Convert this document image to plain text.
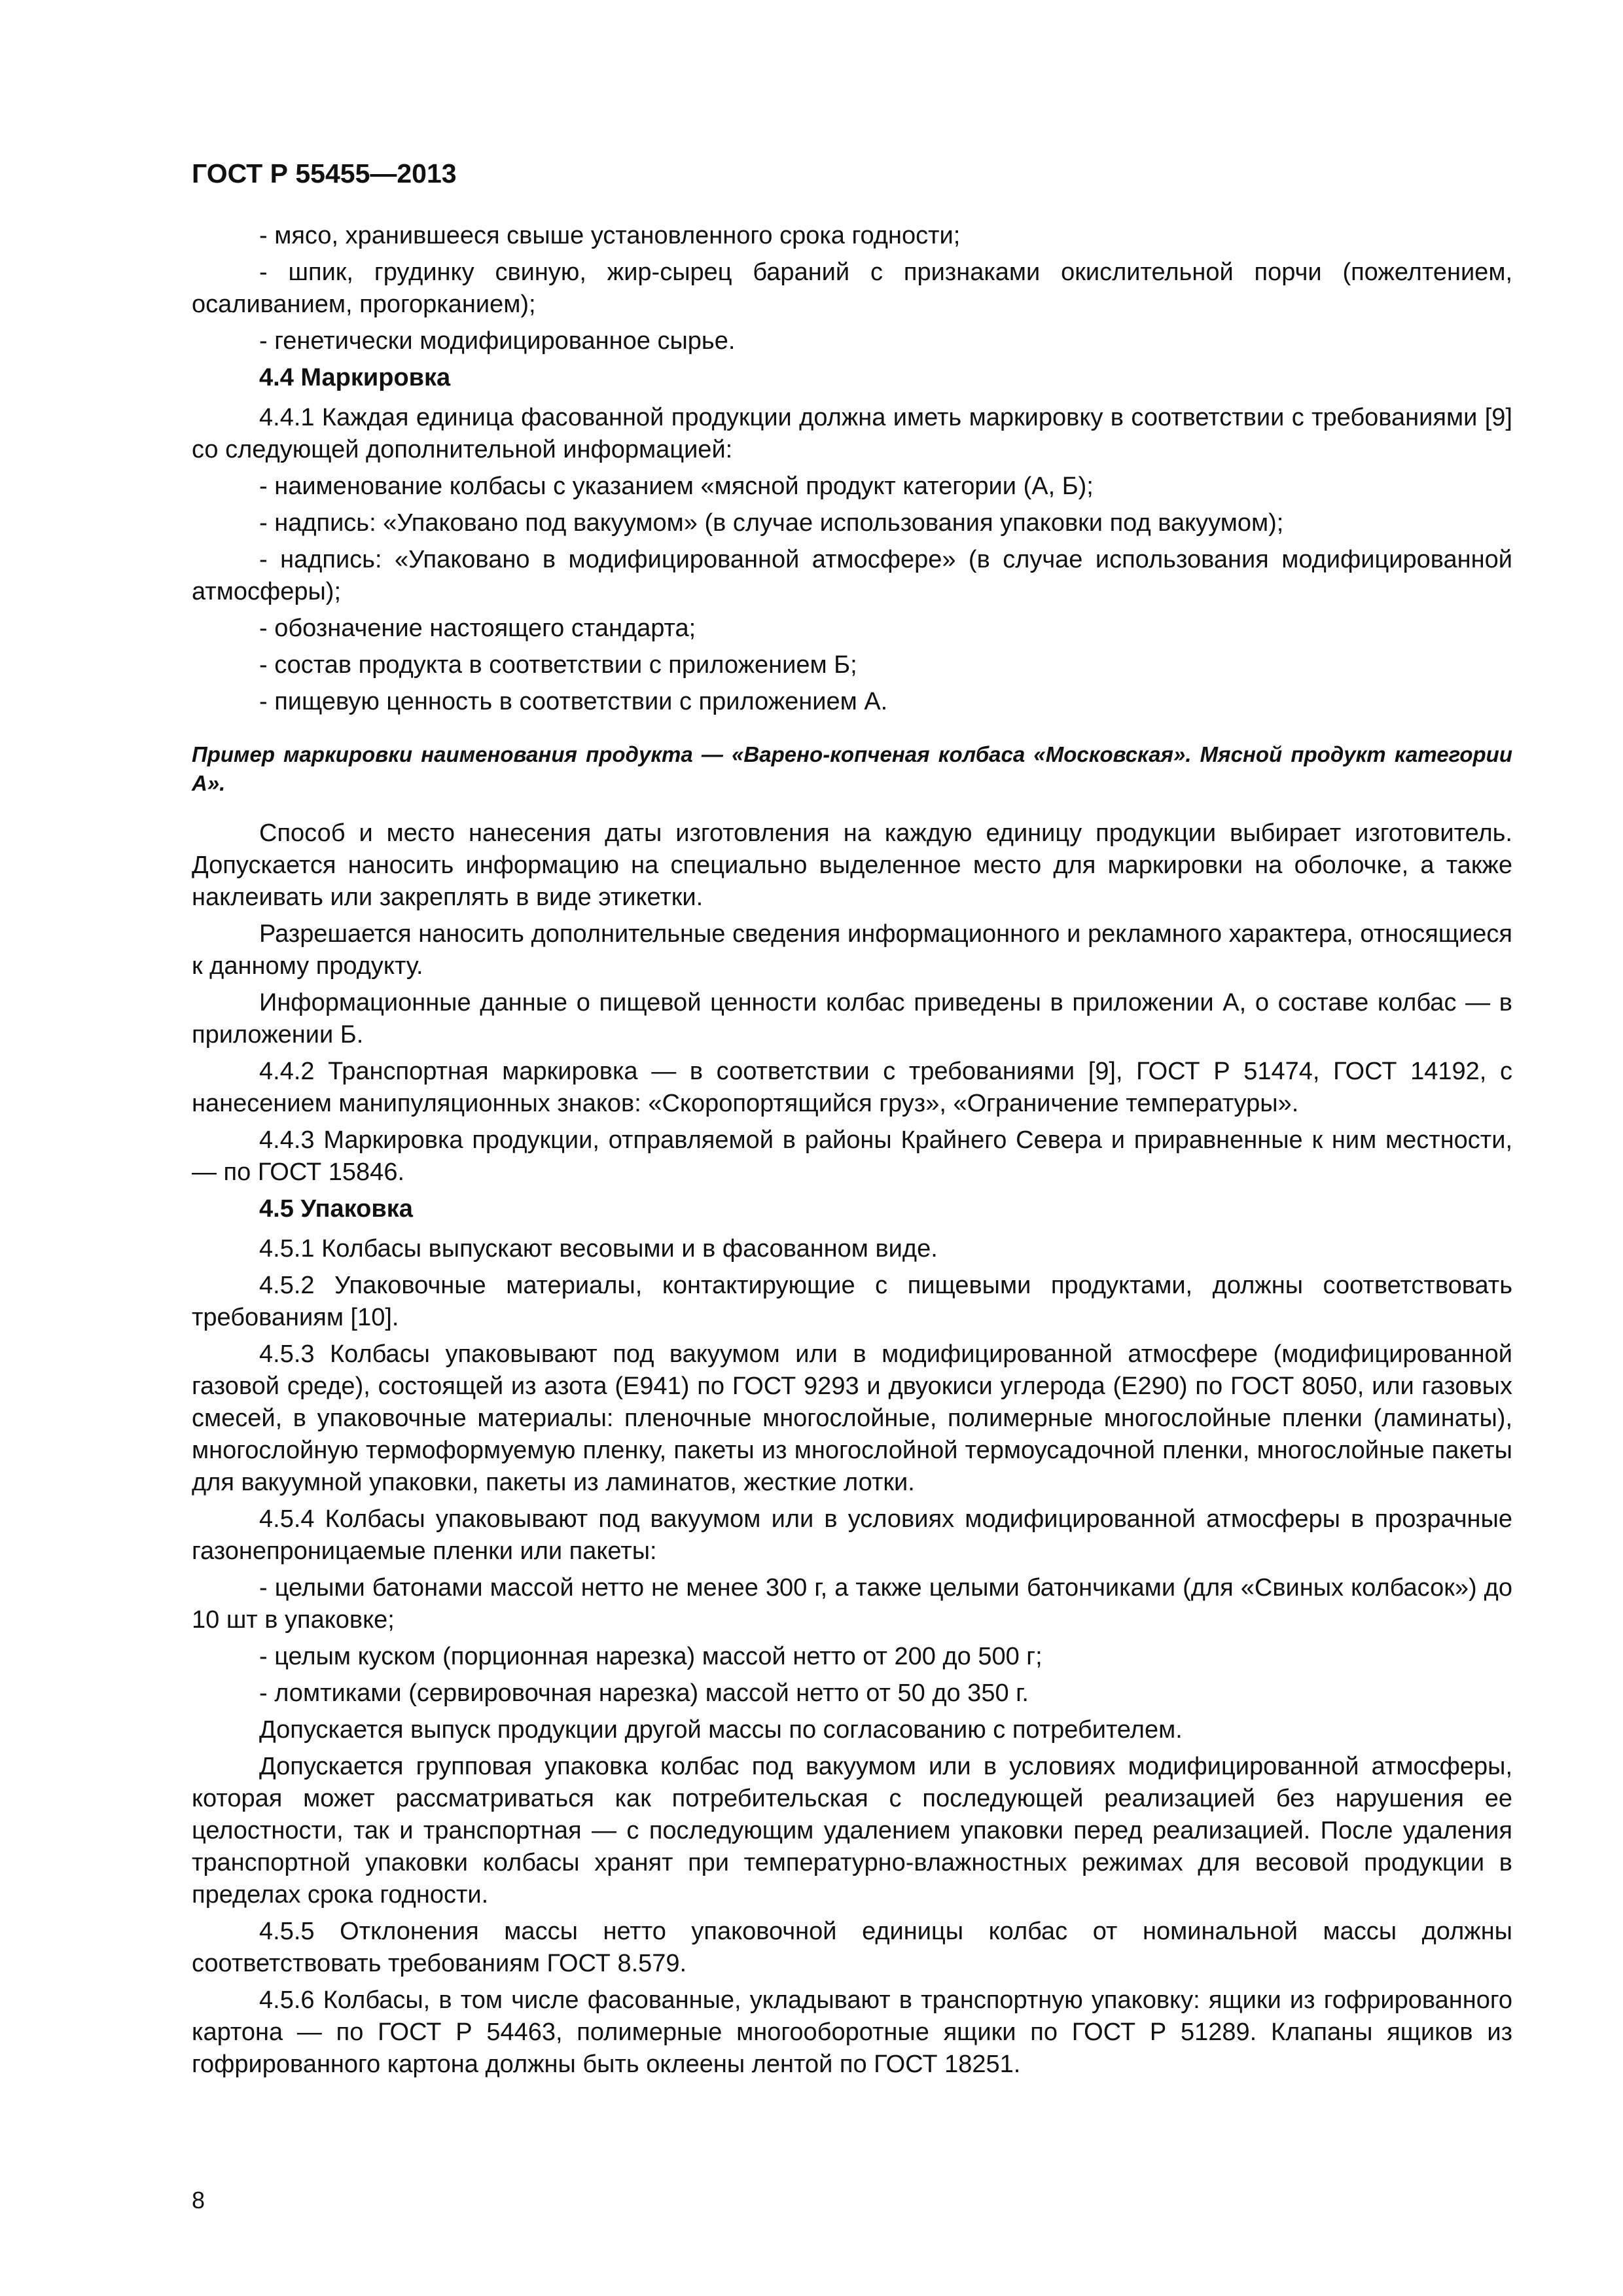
ГОСТ Р 55455—2013
- мясо, хранившееся свыше установленного срока годности;
- шпик, грудинку свиную, жир-сырец бараний с признаками окислительной порчи (пожелтением, осаливанием, прогорканием);
- генетически модифицированное сырье.
4.4 Маркировка
4.4.1 Каждая единица фасованной продукции должна иметь маркировку в соответствии с требованиями [9] со следующей дополнительной информацией:
- наименование колбасы с указанием «мясной продукт категории (А, Б);
- надпись: «Упаковано под вакуумом» (в случае использования упаковки под вакуумом);
- надпись: «Упаковано в модифицированной атмосфере» (в случае использования модифицированной атмосферы);
- обозначение настоящего стандарта;
- состав продукта в соответствии с приложением Б;
- пищевую ценность в соответствии с приложением А.
Пример маркировки наименования продукта — «Варено-копченая колбаса «Московская». Мясной продукт категории А».
Способ и место нанесения даты изготовления на каждую единицу продукции выбирает изготовитель. Допускается наносить информацию на специально выделенное место для маркировки на оболочке, а также наклеивать или закреплять в виде этикетки.
Разрешается наносить дополнительные сведения информационного и рекламного характера, относящиеся к данному продукту.
Информационные данные о пищевой ценности колбас приведены в приложении А, о составе колбас — в приложении Б.
4.4.2 Транспортная маркировка — в соответствии с требованиями [9], ГОСТ Р 51474, ГОСТ 14192, с нанесением манипуляционных знаков: «Скоропортящийся груз», «Ограничение температуры».
4.4.3 Маркировка продукции, отправляемой в районы Крайнего Севера и приравненные к ним местности, — по ГОСТ 15846.
4.5 Упаковка
4.5.1 Колбасы выпускают весовыми и в фасованном виде.
4.5.2 Упаковочные материалы, контактирующие с пищевыми продуктами, должны соответствовать требованиям [10].
4.5.3 Колбасы упаковывают под вакуумом или в модифицированной атмосфере (модифицированной газовой среде), состоящей из азота (Е941) по ГОСТ 9293 и двуокиси углерода (Е290) по ГОСТ 8050, или газовых смесей, в упаковочные материалы: пленочные многослойные, полимерные многослойные пленки (ламинаты), многослойную термоформуемую пленку, пакеты из многослойной термоусадочной пленки, многослойные пакеты для вакуумной упаковки, пакеты из ламинатов, жесткие лотки.
4.5.4 Колбасы упаковывают под вакуумом или в условиях модифицированной атмосферы в прозрачные газонепроницаемые пленки или пакеты:
- целыми батонами массой нетто не менее 300 г, а также целыми батончиками (для «Свиных колбасок») до 10 шт в упаковке;
- целым куском (порционная нарезка) массой нетто от 200 до 500 г;
- ломтиками (сервировочная нарезка) массой нетто от 50 до 350 г.
Допускается выпуск продукции другой массы по согласованию с потребителем.
Допускается групповая упаковка колбас под вакуумом или в условиях модифицированной атмосферы, которая может рассматриваться как потребительская с последующей реализацией без нарушения ее целостности, так и транспортная — с последующим удалением упаковки перед реализацией. После удаления транспортной упаковки колбасы хранят при температурно-влажностных режимах для весовой продукции в пределах срока годности.
4.5.5 Отклонения массы нетто упаковочной единицы колбас от номинальной массы должны соответствовать требованиям ГОСТ 8.579.
4.5.6 Колбасы, в том числе фасованные, укладывают в транспортную упаковку: ящики из гофрированного картона — по ГОСТ Р 54463, полимерные многооборотные ящики по ГОСТ Р 51289. Клапаны ящиков из гофрированного картона должны быть оклеены лентой по ГОСТ 18251.
8
